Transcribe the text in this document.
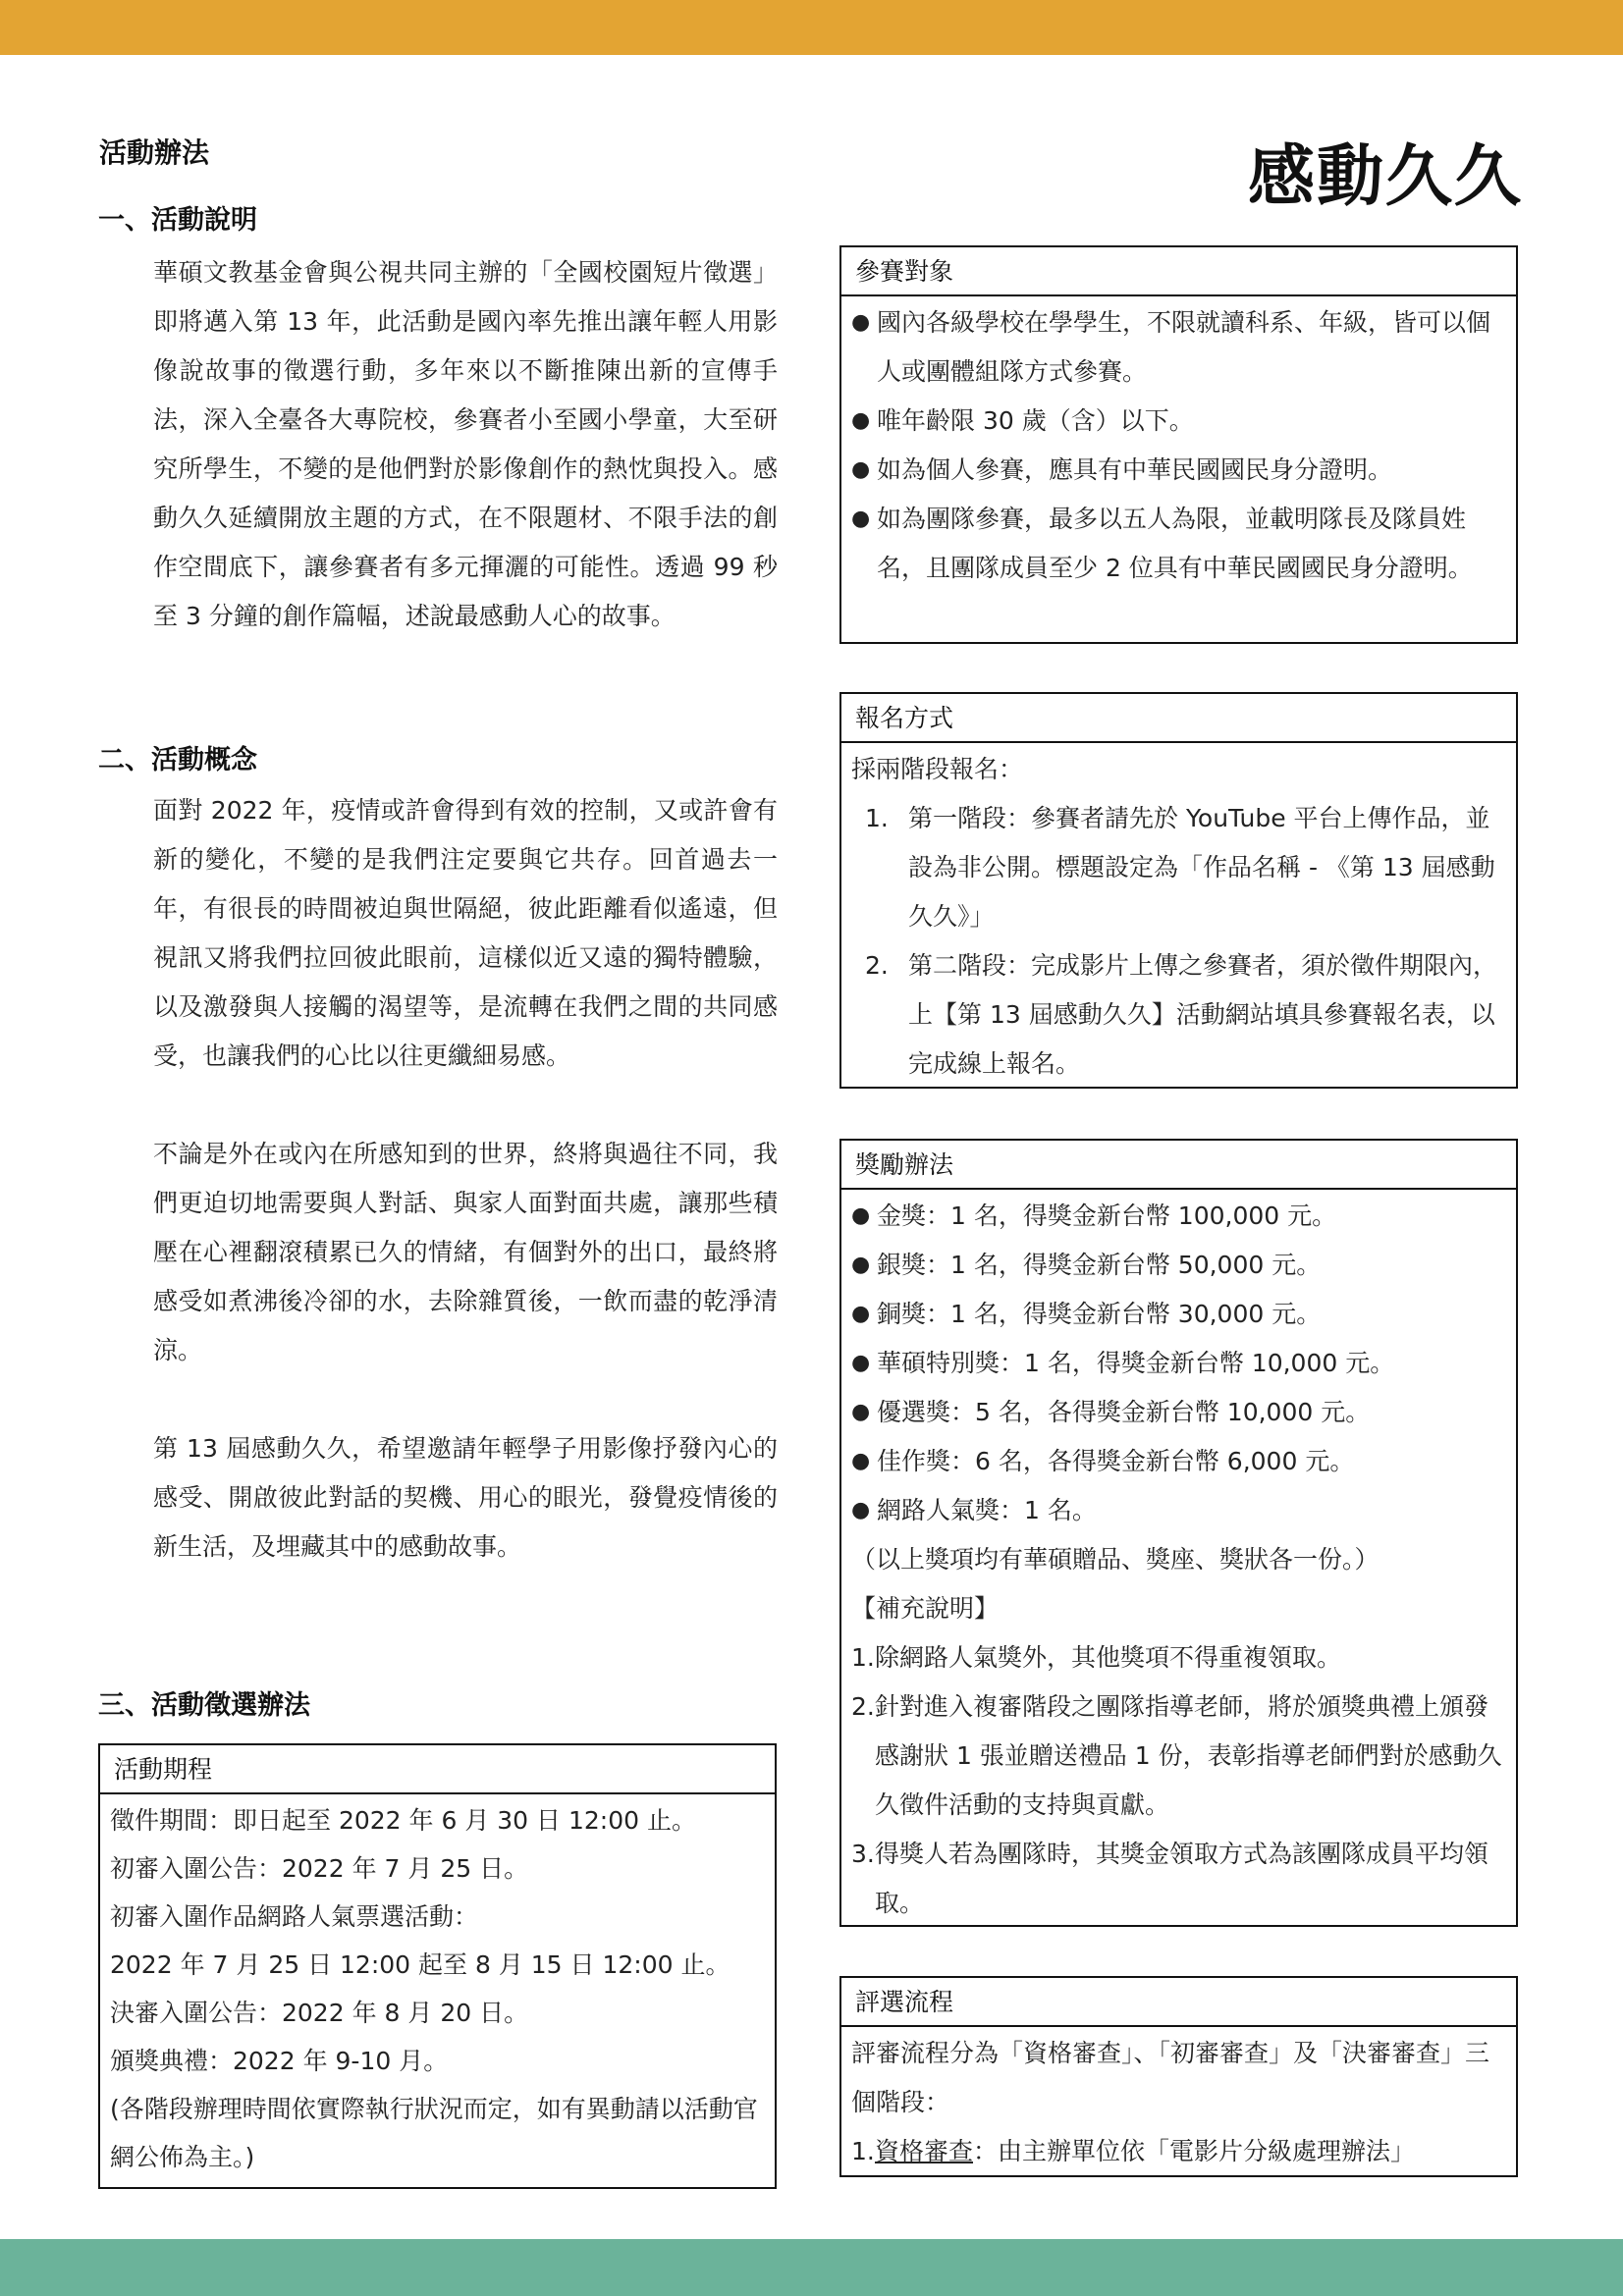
活動辦法	感動久久
一、活動說明

華碩文教基金會與公視共同主辦的「全國校園短片徵選」即將邁入第 13 年，此活動是國內率先推出讓年輕人用影像說故事的徵選行動，多年來以不斷推陳出新的宣傳手法，深入全臺各大專院校，參賽者小至國小學童，大至研究所學生，不變的是他們對於影像創作的熱忱與投入。感動久久延續開放主題的方式，在不限題材、不限手法的創作空間底下，讓參賽者有多元揮灑的可能性。透過 99 秒至 3 分鐘的創作篇幅，述說最感動人心的故事。

二、活動概念

面對 2022 年，疫情或許會得到有效的控制，又或許會有新的變化，不變的是我們注定要與它共存。回首過去一年，有很長的時間被迫與世隔絕，彼此距離看似遙遠，但視訊又將我們拉回彼此眼前，這樣似近又遠的獨特體驗，以及激發與人接觸的渴望等，是流轉在我們之間的共同感受，也讓我們的心比以往更纖細易感。

不論是外在或內在所感知到的世界，終將與過往不同，我們更迫切地需要與人對話、與家人面對面共處，讓那些積壓在心裡翻滾積累已久的情緒，有個對外的出口，最終將感受如煮沸後冷卻的水，去除雜質後，一飲而盡的乾淨清涼。

第 13 屆感動久久，希望邀請年輕學子用影像抒發內心的感受、開啟彼此對話的契機、用心的眼光，發覺疫情後的新生活，及埋藏其中的感動故事。

三、活動徵選辦法
活動期程
徵件期間：即日起至 2022 年 6 月 30 日 12:00 止。
初審入圍公告：2022 年 7 月 25 日。
初審入圍作品網路人氣票選活動：
2022 年 7 月 25 日 12:00 起至 8 月 15 日 12:00 止。
決審入圍公告：2022 年 8 月 20 日。
頒獎典禮：2022 年 9-10 月。
(各階段辦理時間依實際執行狀況而定，如有異動請以活動官網公佈為主。)
參賽對象
● 國內各級學校在學學生，不限就讀科系、年級，皆可以個人或團體組隊方式參賽。
● 唯年齡限 30 歲（含）以下。
● 如為個人參賽，應具有中華民國國民身分證明。
● 如為團隊參賽，最多以五人為限，並載明隊長及隊員姓名，且團隊成員至少 2 位具有中華民國國民身分證明。
報名方式
採兩階段報名：
1. 第一階段：參賽者請先於 YouTube 平台上傳作品，並設為非公開。標題設定為「作品名稱 - 《第 13 屆感動久久》」
2. 第二階段：完成影片上傳之參賽者，須於徵件期限內，上【第 13 屆感動久久】活動網站填具參賽報名表，以完成線上報名。
獎勵辦法
● 金獎：1 名，得獎金新台幣 100,000 元。
● 銀獎：1 名，得獎金新台幣 50,000 元。
● 銅獎：1 名，得獎金新台幣 30,000 元。
● 華碩特別獎：1 名，得獎金新台幣 10,000 元。
● 優選獎：5 名，各得獎金新台幣 10,000 元。
● 佳作獎：6 名，各得獎金新台幣 6,000 元。
● 網路人氣獎：1 名。
（以上獎項均有華碩贈品、獎座、獎狀各一份。）
【補充說明】
1. 除網路人氣獎外，其他獎項不得重複領取。
2. 針對進入複審階段之團隊指導老師，將於頒獎典禮上頒發感謝狀 1 張並贈送禮品 1 份，表彰指導老師們對於感動久久徵件活動的支持與貢獻。
3. 得獎人若為團隊時，其獎金領取方式為該團隊成員平均領取。
評選流程
評審流程分為「資格審查」、「初審審查」及「決審審查」三個階段：
1. 資格審查：由主辦單位依「電影片分級處理辦法」
